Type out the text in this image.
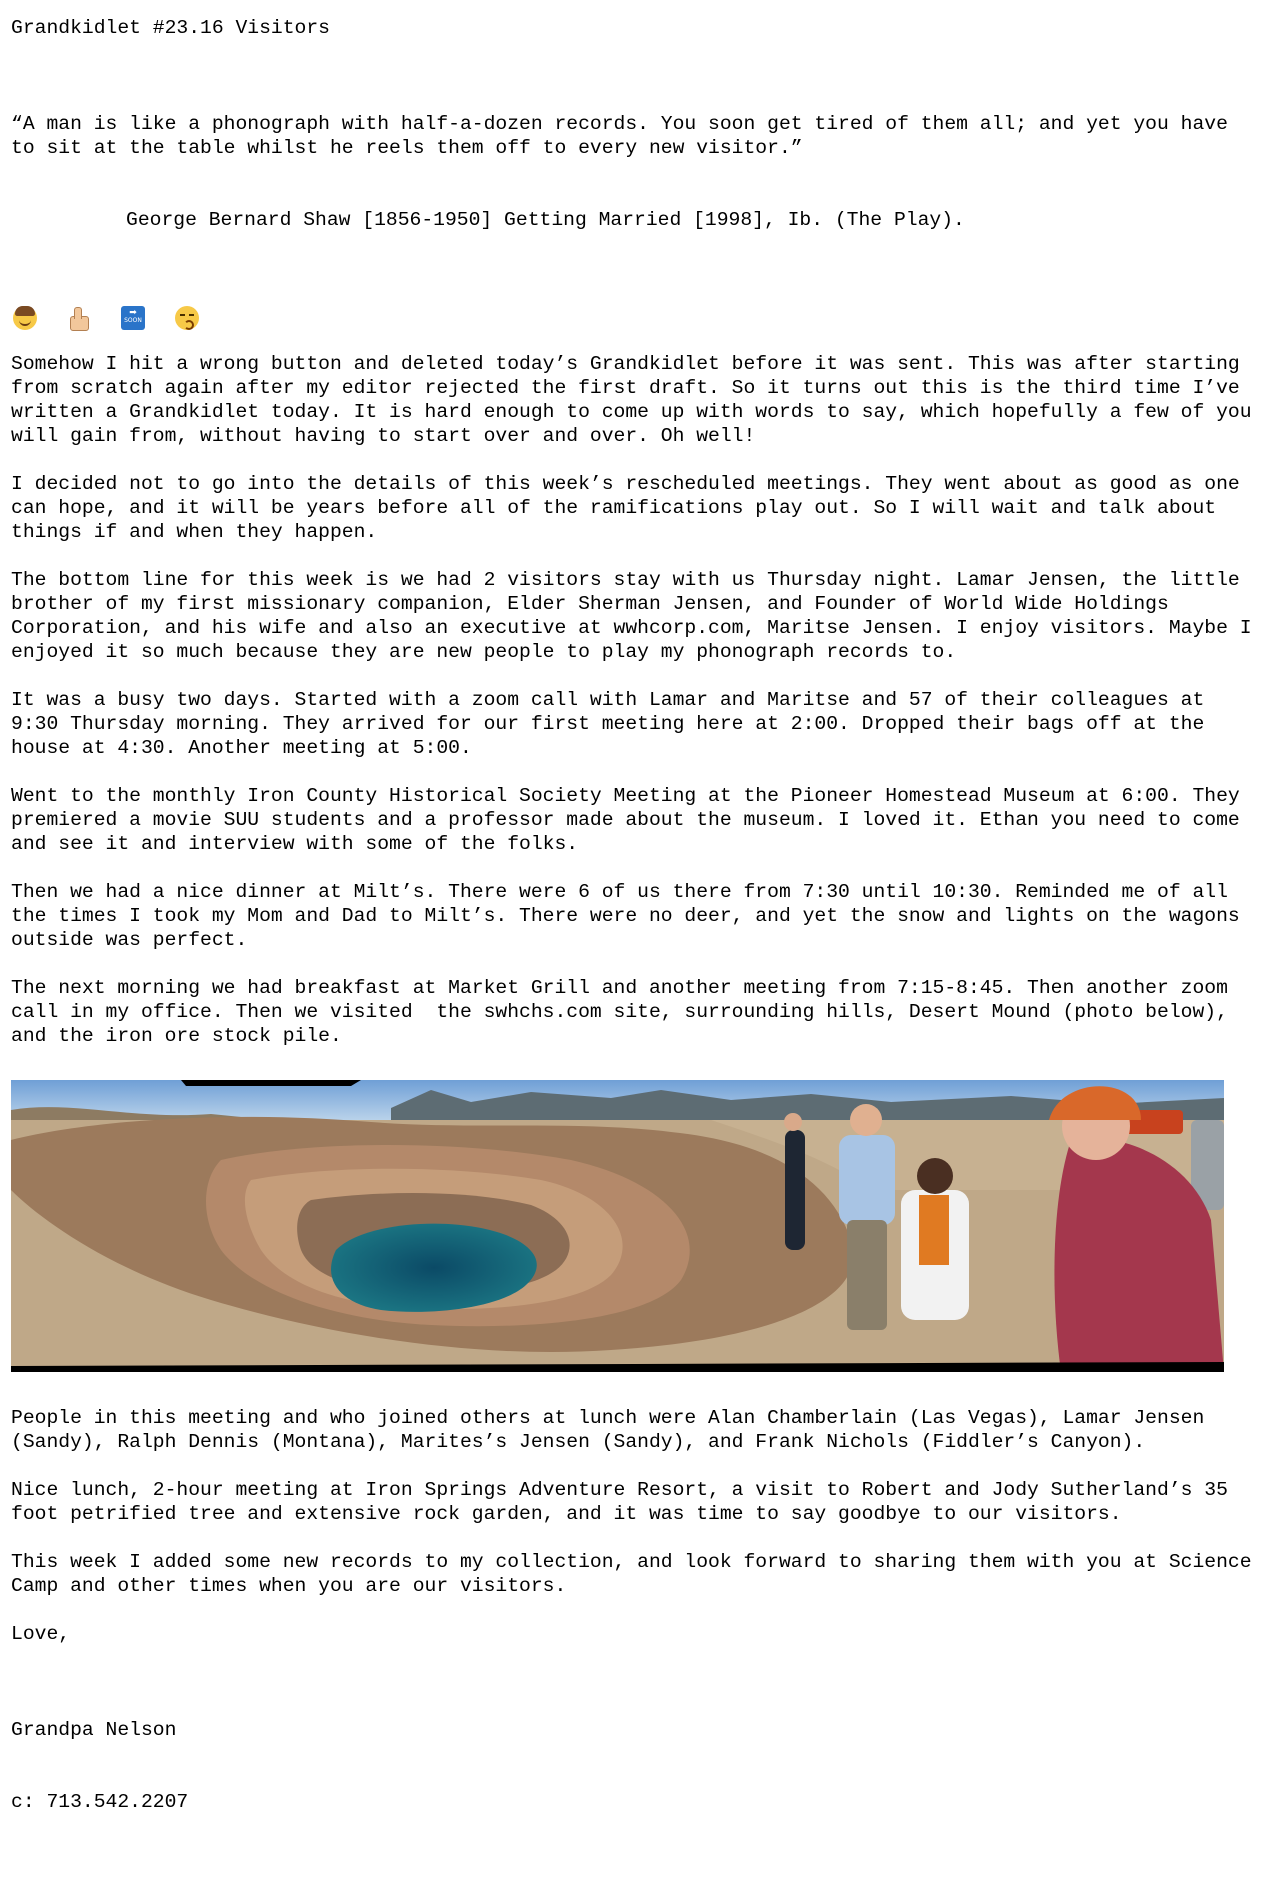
Grandkidlet #23.16 Visitors

“A man is like a phonograph with half-a-dozen records. You soon get tired of them all; and yet you have to sit at the table whilst he reels them off to every new visitor.”

George Bernard Shaw [1856-1950] Getting Married [1998], Ib. (The Play).

➡
SOON

Somehow I hit a wrong button and deleted today’s Grandkidlet before it was sent. This was after starting from scratch again after my editor rejected the first draft. So it turns out this is the third time I’ve written a Grandkidlet today. It is hard enough to come up with words to say, which hopefully a few of you will gain from, without having to start over and over. Oh well!

I decided not to go into the details of this week’s rescheduled meetings. They went about as good as one can hope, and it will be years before all of the ramifications play out. So I will wait and talk about things if and when they happen.

The bottom line for this week is we had 2 visitors stay with us Thursday night. Lamar Jensen, the little brother of my first missionary companion, Elder Sherman Jensen, and Founder of World Wide Holdings Corporation, and his wife and also an executive at wwhcorp.com, Maritse Jensen. I enjoy visitors. Maybe I enjoyed it so much because they are new people to play my phonograph records to.

It was a busy two days. Started with a zoom call with Lamar and Maritse and 57 of their colleagues at 9:30 Thursday morning. They arrived for our first meeting here at 2:00. Dropped their bags off at the house at 4:30. Another meeting at 5:00.

Went to the monthly Iron County Historical Society Meeting at the Pioneer Homestead Museum at 6:00. They premiered a movie SUU students and a professor made about the museum. I loved it. Ethan you need to come and see it and interview with some of the folks.

Then we had a nice dinner at Milt’s. There were 6 of us there from 7:30 until 10:30. Reminded me of all the times I took my Mom and Dad to Milt’s. There were no deer, and yet the snow and lights on the wagons outside was perfect.

The next morning we had breakfast at Market Grill and another meeting from 7:15-8:45. Then another zoom call in my office. Then we visited  the swhchs.com site, surrounding hills, Desert Mound (photo below), and the iron ore stock pile.

People in this meeting and who joined others at lunch were Alan Chamberlain (Las Vegas), Lamar Jensen (Sandy), Ralph Dennis (Montana), Marites’s Jensen (Sandy), and Frank Nichols (Fiddler’s Canyon).

Nice lunch, 2-hour meeting at Iron Springs Adventure Resort, a visit to Robert and Jody Sutherland’s 35 foot petrified tree and extensive rock garden, and it was time to say goodbye to our visitors.

This week I added some new records to my collection, and look forward to sharing them with you at Science Camp and other times when you are our visitors.

Love,

Grandpa Nelson

c: 713.542.2207
